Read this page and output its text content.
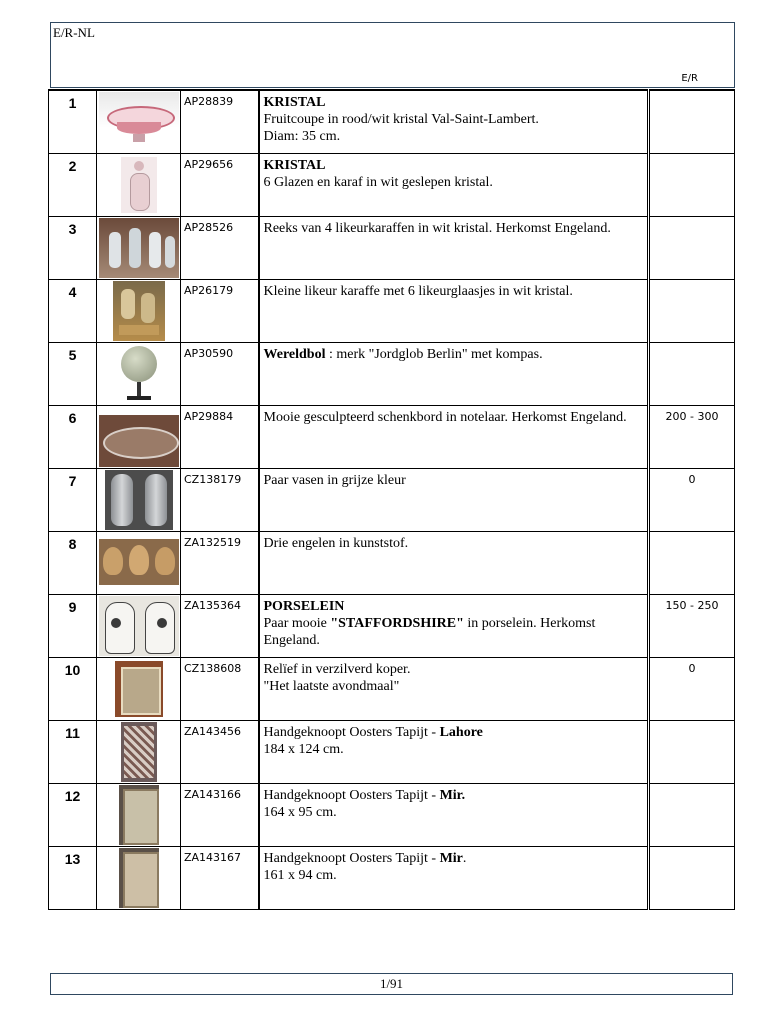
E/R-NL
E/R
1		AP28839	KRISTAL
Fruitcoupe in rood/wit kristal Val-Saint-Lambert.
Diam: 35 cm.	

2		AP29656	KRISTAL
6 Glazen en karaf in wit geslepen kristal.	

3		AP28526	Reeks van 4 likeurkaraffen in wit kristal. Herkomst Engeland.	

4		AP26179	Kleine likeur karaffe met 6 likeurglaasjes in wit kristal.	

5		AP30590	Wereldbol : merk "Jordglob Berlin" met kompas.	

6		AP29884	Mooie gesculpteerd schenkbord in notelaar. Herkomst Engeland.	200 - 300
7		CZ138179	Paar vasen in grijze kleur	0
8		ZA132519	Drie engelen in kunststof.	

9		ZA135364	PORSELEIN
Paar mooie "STAFFORDSHIRE" in porselein. Herkomst Engeland.	150 - 250
10		CZ138608	Relïef in verzilverd koper.
"Het laatste avondmaal"	0
11		ZA143456	Handgeknoopt Oosters Tapijt - Lahore
184 x 124 cm.	

12		ZA143166	Handgeknoopt Oosters Tapijt - Mir.
164 x 95 cm.	

13		ZA143167	Handgeknoopt Oosters Tapijt - Mir.
161 x 94 cm.	

1/91
